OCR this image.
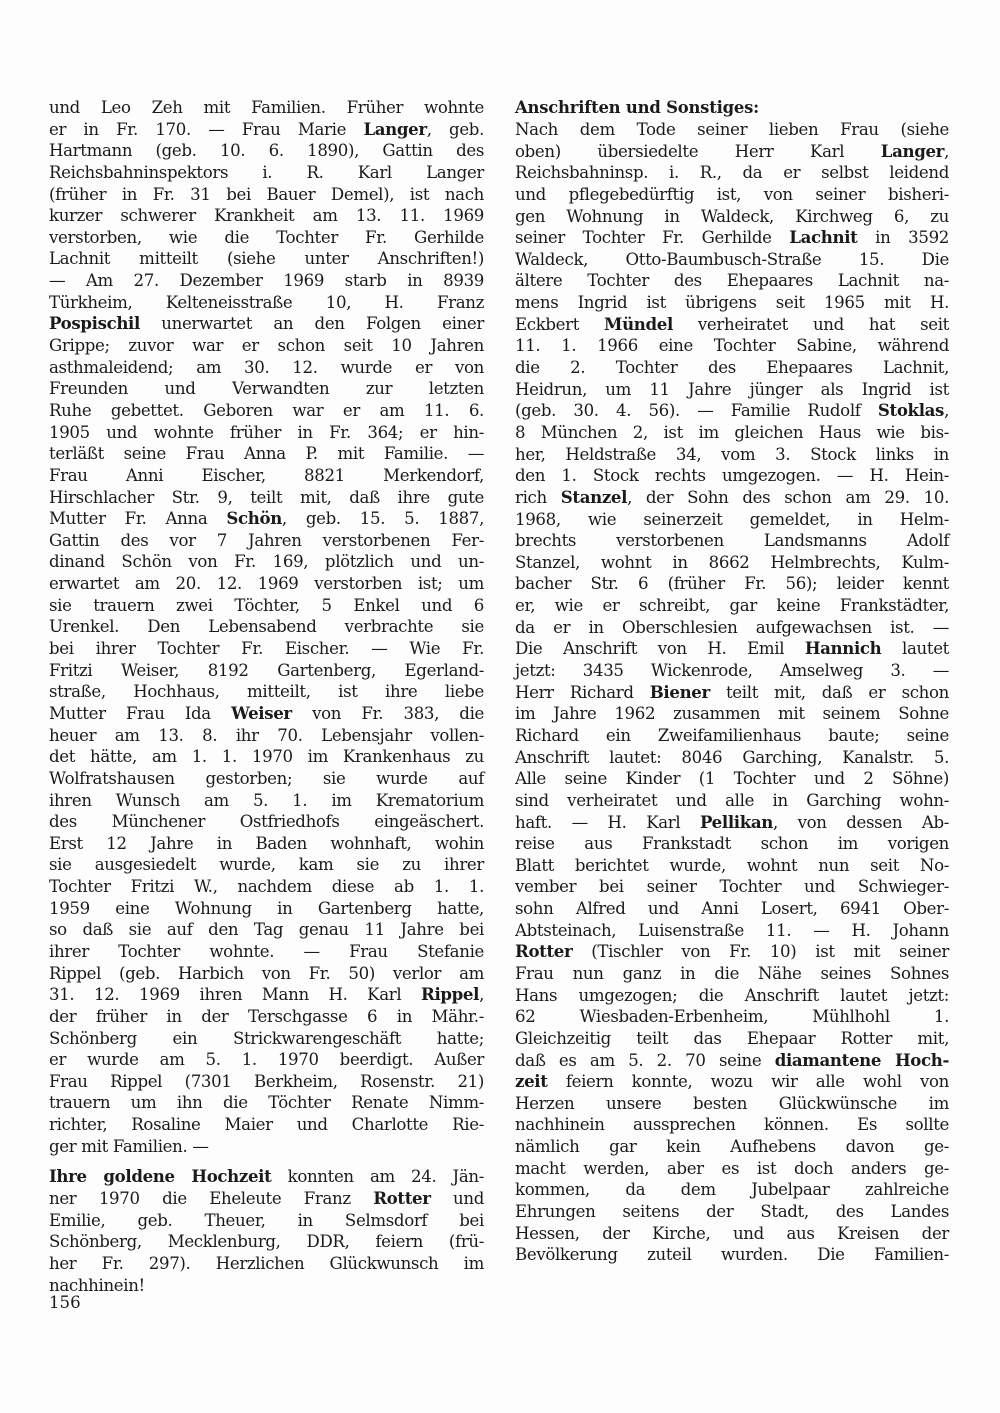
und Leo Zeh mit Familien. Früher wohnte
er in Fr. 170. — Frau Marie Langer, geb.
Hartmann (geb. 10. 6. 1890), Gattin des
Reichsbahninspektors i. R. Karl Langer
(früher in Fr. 31 bei Bauer Demel), ist nach
kurzer schwerer Krankheit am 13. 11. 1969
verstorben, wie die Tochter Fr. Gerhilde
Lachnit mitteilt (siehe unter Anschriften!)
— Am 27. Dezember 1969 starb in 8939
Türkheim, Kelteneisstraße 10, H. Franz
Pospischil unerwartet an den Folgen einer
Grippe; zuvor war er schon seit 10 Jahren
asthmaleidend; am 30. 12. wurde er von
Freunden und Verwandten zur letzten
Ruhe gebettet. Geboren war er am 11. 6.
1905 und wohnte früher in Fr. 364; er hin-
terläßt seine Frau Anna P. mit Familie. —
Frau Anni Eischer, 8821 Merkendorf,
Hirschlacher Str. 9, teilt mit, daß ihre gute
Mutter Fr. Anna Schön, geb. 15. 5. 1887,
Gattin des vor 7 Jahren verstorbenen Fer-
dinand Schön von Fr. 169, plötzlich und un-
erwartet am 20. 12. 1969 verstorben ist; um
sie trauern zwei Töchter, 5 Enkel und 6
Urenkel. Den Lebensabend verbrachte sie
bei ihrer Tochter Fr. Eischer. — Wie Fr.
Fritzi Weiser, 8192 Gartenberg, Egerland-
straße, Hochhaus, mitteilt, ist ihre liebe
Mutter Frau Ida Weiser von Fr. 383, die
heuer am 13. 8. ihr 70. Lebensjahr vollen-
det hätte, am 1. 1. 1970 im Krankenhaus zu
Wolfratshausen gestorben; sie wurde auf
ihren Wunsch am 5. 1. im Krematorium
des Münchener Ostfriedhofs eingeäschert.
Erst 12 Jahre in Baden wohnhaft, wohin
sie ausgesiedelt wurde, kam sie zu ihrer
Tochter Fritzi W., nachdem diese ab 1. 1.
1959 eine Wohnung in Gartenberg hatte,
so daß sie auf den Tag genau 11 Jahre bei
ihrer Tochter wohnte. — Frau Stefanie
Rippel (geb. Harbich von Fr. 50) verlor am
31. 12. 1969 ihren Mann H. Karl Rippel,
der früher in der Terschgasse 6 in Mähr.-
Schönberg ein Strickwarengeschäft hatte;
er wurde am 5. 1. 1970 beerdigt. Außer
Frau Rippel (7301 Berkheim, Rosenstr. 21)
trauern um ihn die Töchter Renate Nimm-
richter, Rosaline Maier und Charlotte Rie-
ger mit Familien. —
Ihre goldene Hochzeit konnten am 24. Jän-
ner 1970 die Eheleute Franz Rotter und
Emilie, geb. Theuer, in Selmsdorf bei
Schönberg, Mecklenburg, DDR, feiern (frü-
her Fr. 297). Herzlichen Glückwunsch im
nachhinein!
Anschriften und Sonstiges:
Nach dem Tode seiner lieben Frau (siehe
oben) übersiedelte Herr Karl Langer,
Reichsbahninsp. i. R., da er selbst leidend
und pflegebedürftig ist, von seiner bisheri-
gen Wohnung in Waldeck, Kirchweg 6, zu
seiner Tochter Fr. Gerhilde Lachnit in 3592
Waldeck, Otto-Baumbusch-Straße 15. Die
ältere Tochter des Ehepaares Lachnit na-
mens Ingrid ist übrigens seit 1965 mit H.
Eckbert Mündel verheiratet und hat seit
11. 1. 1966 eine Tochter Sabine, während
die 2. Tochter des Ehepaares Lachnit,
Heidrun, um 11 Jahre jünger als Ingrid ist
(geb. 30. 4. 56). — Familie Rudolf Stoklas,
8 München 2, ist im gleichen Haus wie bis-
her, Heldstraße 34, vom 3. Stock links in
den 1. Stock rechts umgezogen. — H. Hein-
rich Stanzel, der Sohn des schon am 29. 10.
1968, wie seinerzeit gemeldet, in Helm-
brechts verstorbenen Landsmanns Adolf
Stanzel, wohnt in 8662 Helmbrechts, Kulm-
bacher Str. 6 (früher Fr. 56); leider kennt
er, wie er schreibt, gar keine Frankstädter,
da er in Oberschlesien aufgewachsen ist. —
Die Anschrift von H. Emil Hannich lautet
jetzt: 3435 Wickenrode, Amselweg 3. —
Herr Richard Biener teilt mit, daß er schon
im Jahre 1962 zusammen mit seinem Sohne
Richard ein Zweifamilienhaus baute; seine
Anschrift lautet: 8046 Garching, Kanalstr. 5.
Alle seine Kinder (1 Tochter und 2 Söhne)
sind verheiratet und alle in Garching wohn-
haft. — H. Karl Pellikan, von dessen Ab-
reise aus Frankstadt schon im vorigen
Blatt berichtet wurde, wohnt nun seit No-
vember bei seiner Tochter und Schwieger-
sohn Alfred und Anni Losert, 6941 Ober-
Abtsteinach, Luisenstraße 11. — H. Johann
Rotter (Tischler von Fr. 10) ist mit seiner
Frau nun ganz in die Nähe seines Sohnes
Hans umgezogen; die Anschrift lautet jetzt:
62 Wiesbaden-Erbenheim, Mühlhohl 1.
Gleichzeitig teilt das Ehepaar Rotter mit,
daß es am 5. 2. 70 seine diamantene Hoch-
zeit feiern konnte, wozu wir alle wohl von
Herzen unsere besten Glückwünsche im
nachhinein aussprechen können. Es sollte
nämlich gar kein Aufhebens davon ge-
macht werden, aber es ist doch anders ge-
kommen, da dem Jubelpaar zahlreiche
Ehrungen seitens der Stadt, des Landes
Hessen, der Kirche, und aus Kreisen der
Bevölkerung zuteil wurden. Die Familien-
156
